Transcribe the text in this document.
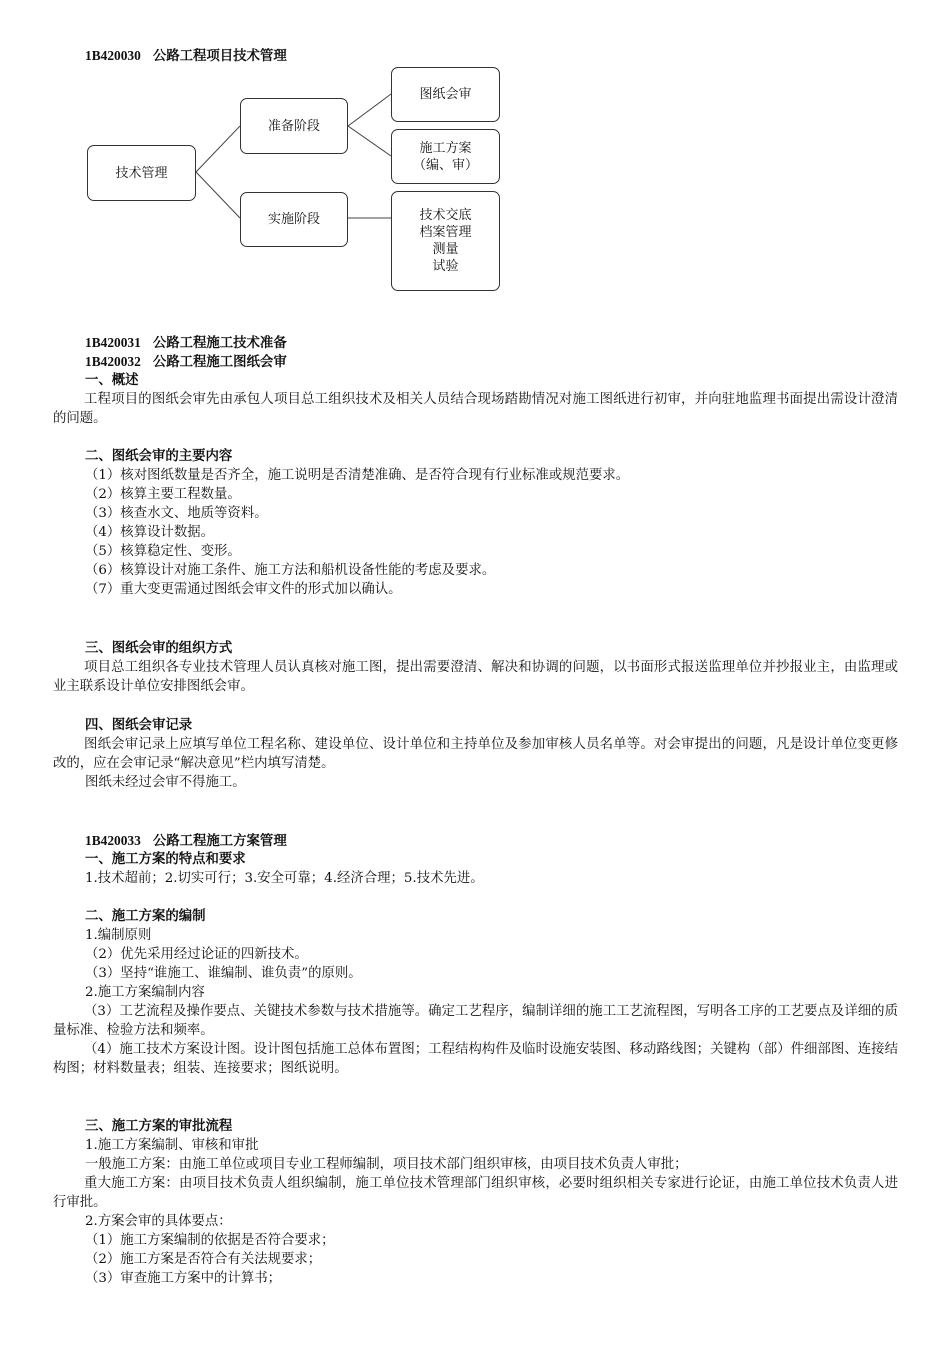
1B420030 公路工程项目技术管理
技术管理
准备阶段
实施阶段
图纸会审
施工方案
（编、审）
技术交底
档案管理
测量
试验
1B420031 公路工程施工技术准备
1B420032 公路工程施工图纸会审
一、概述
工程项目的图纸会审先由承包人项目总工组织技术及相关人员结合现场踏勘情况对施工图纸进行初审，并向驻地监理书面提出需设计澄清的问题。
二、图纸会审的主要内容
（1）核对图纸数量是否齐全，施工说明是否清楚准确、是否符合现有行业标准或规范要求。
（2）核算主要工程数量。
（3）核查水文、地质等资料。
（4）核算设计数据。
（5）核算稳定性、变形。
（6）核算设计对施工条件、施工方法和船机设备性能的考虑及要求。
（7）重大变更需通过图纸会审文件的形式加以确认。
三、图纸会审的组织方式
项目总工组织各专业技术管理人员认真核对施工图，提出需要澄清、解决和协调的问题，以书面形式报送监理单位并抄报业主，由监理或业主联系设计单位安排图纸会审。
四、图纸会审记录
图纸会审记录上应填写单位工程名称、建设单位、设计单位和主持单位及参加审核人员名单等。对会审提出的问题，凡是设计单位变更修改的，应在会审记录“解决意见”栏内填写清楚。
图纸未经过会审不得施工。
1B420033 公路工程施工方案管理
一、施工方案的特点和要求
1.技术超前；2.切实可行；3.安全可靠；4.经济合理；5.技术先进。
二、施工方案的编制
1.编制原则
（2）优先采用经过论证的四新技术。
（3）坚持“谁施工、谁编制、谁负责”的原则。
2.施工方案编制内容
（3）工艺流程及操作要点、关键技术参数与技术措施等。确定工艺程序，编制详细的施工工艺流程图，写明各工序的工艺要点及详细的质量标准、检验方法和频率。
（4）施工技术方案设计图。设计图包括施工总体布置图；工程结构构件及临时设施安装图、移动路线图；关键构（部）件细部图、连接结构图；材料数量表；组装、连接要求；图纸说明。
三、施工方案的审批流程
1.施工方案编制、审核和审批
一般施工方案：由施工单位或项目专业工程师编制，项目技术部门组织审核，由项目技术负责人审批；
重大施工方案：由项目技术负责人组织编制，施工单位技术管理部门组织审核，必要时组织相关专家进行论证，由施工单位技术负责人进行审批。
2.方案会审的具体要点：
（1）施工方案编制的依据是否符合要求；
（2）施工方案是否符合有关法规要求；
（3）审查施工方案中的计算书；
